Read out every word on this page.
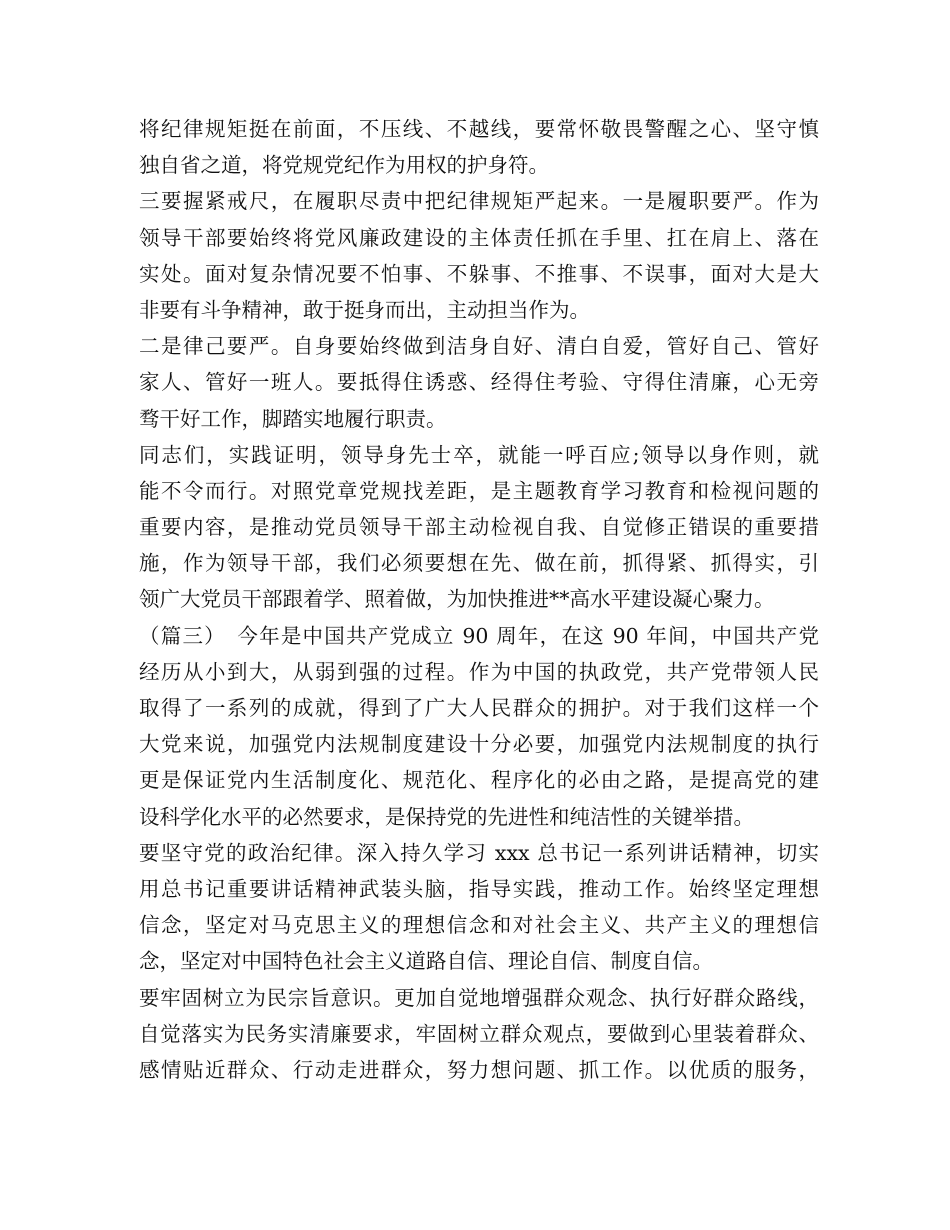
将纪律规矩挺在前面，不压线、不越线，要常怀敬畏警醒之心、坚守慎
独自省之道，将党规党纪作为用权的护身符。
三要握紧戒尺，在履职尽责中把纪律规矩严起来。一是履职要严。作为
领导干部要始终将党风廉政建设的主体责任抓在手里、扛在肩上、落在
实处。面对复杂情况要不怕事、不躲事、不推事、不误事，面对大是大
非要有斗争精神，敢于挺身而出，主动担当作为。
二是律己要严。自身要始终做到洁身自好、清白自爱，管好自己、管好
家人、管好一班人。要抵得住诱惑、经得住考验、守得住清廉，心无旁
骛干好工作，脚踏实地履行职责。
同志们，实践证明，领导身先士卒，就能一呼百应;领导以身作则，就
能不令而行。对照党章党规找差距，是主题教育学习教育和检视问题的
重要内容，是推动党员领导干部主动检视自我、自觉修正错误的重要措
施，作为领导干部，我们必须要想在先、做在前，抓得紧、抓得实，引
领广大党员干部跟着学、照着做，为加快推进**高水平建设凝心聚力。
（篇三）　今年是中国共产党成立 90 周年，在这 90 年间，中国共产党
经历从小到大，从弱到强的过程。作为中国的执政党，共产党带领人民
取得了一系列的成就，得到了广大人民群众的拥护。对于我们这样一个
大党来说，加强党内法规制度建设十分必要，加强党内法规制度的执行
更是保证党内生活制度化、规范化、程序化的必由之路，是提高党的建
设科学化水平的必然要求，是保持党的先进性和纯洁性的关键举措。
要坚守党的政治纪律。深入持久学习 xxx 总书记一系列讲话精神，切实
用总书记重要讲话精神武装头脑，指导实践，推动工作。始终坚定理想
信念，坚定对马克思主义的理想信念和对社会主义、共产主义的理想信
念，坚定对中国特色社会主义道路自信、理论自信、制度自信。
要牢固树立为民宗旨意识。更加自觉地增强群众观念、执行好群众路线，
自觉落实为民务实清廉要求，牢固树立群众观点，要做到心里装着群众、
感情贴近群众、行动走进群众，努力想问题、抓工作。以优质的服务，
